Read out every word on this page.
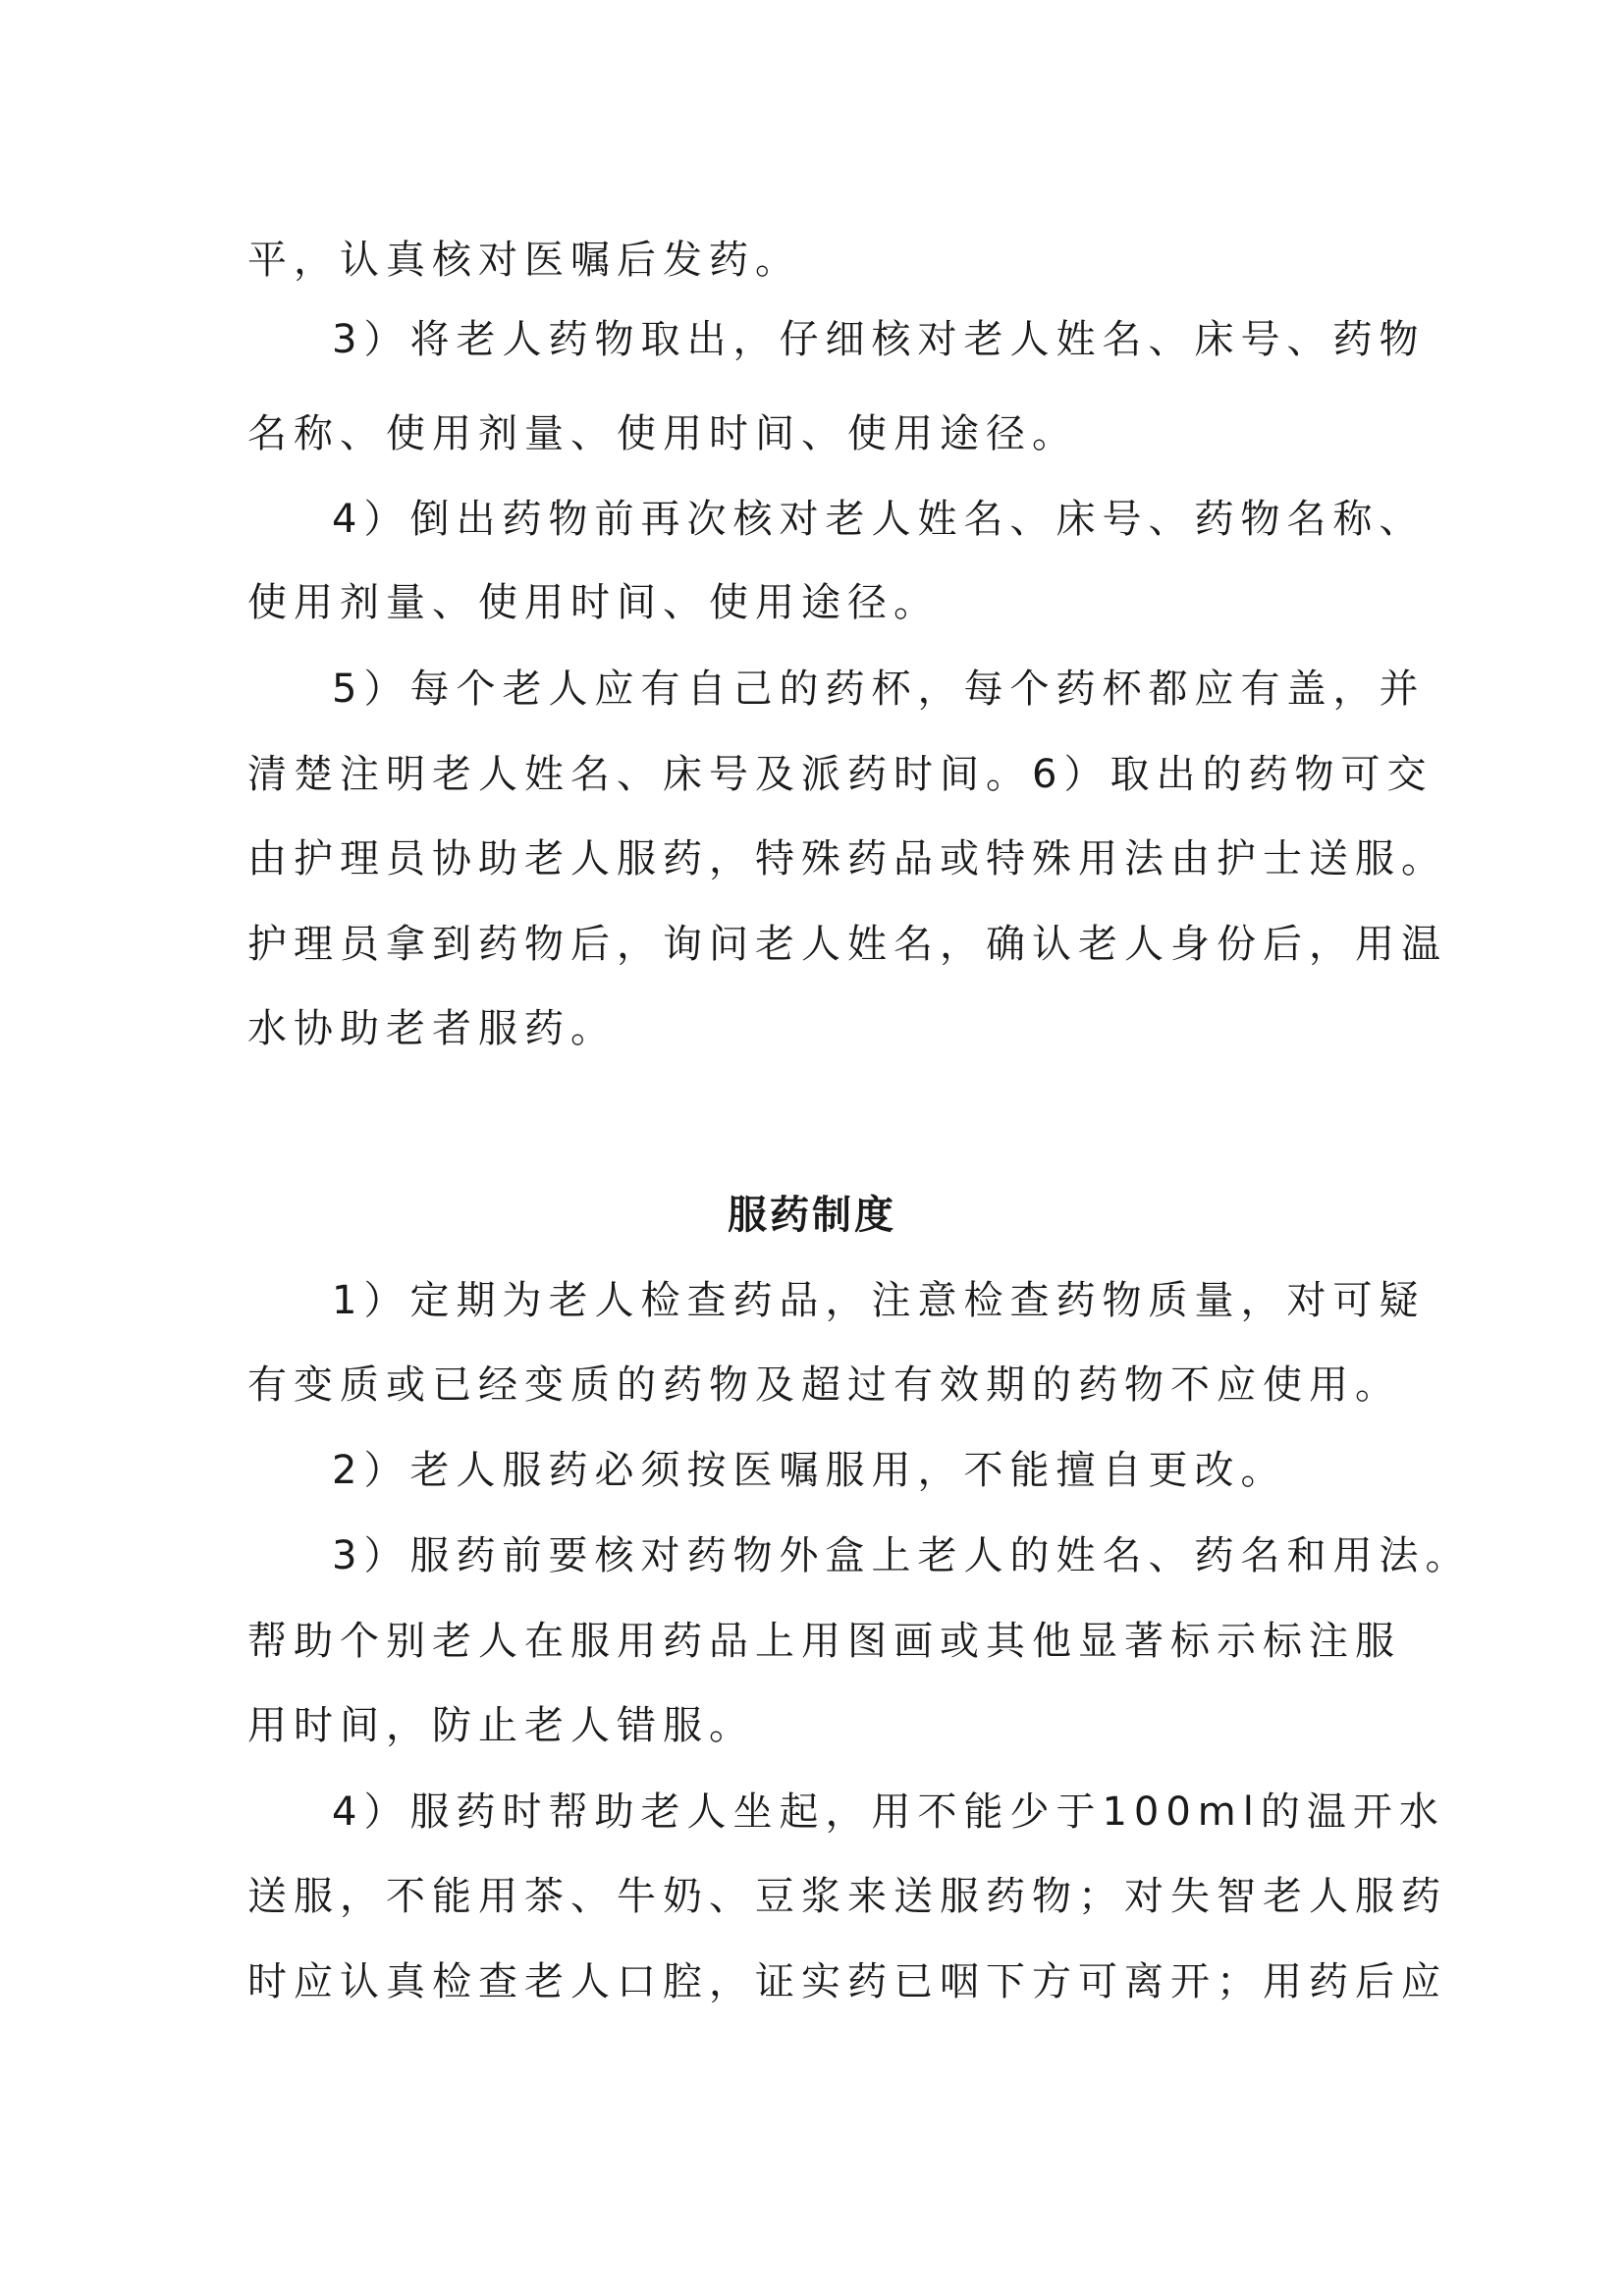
平，认真核对医嘱后发药。

3）将老人药物取出，仔细核对老人姓名、床号、药物

名称、使用剂量、使用时间、使用途径。

4）倒出药物前再次核对老人姓名、床号、药物名称、

使用剂量、使用时间、使用途径。

5）每个老人应有自己的药杯，每个药杯都应有盖，并

清楚注明老人姓名、床号及派药时间。6）取出的药物可交

由护理员协助老人服药，特殊药品或特殊用法由护士送服。

护理员拿到药物后，询问老人姓名，确认老人身份后，用温

水协助老者服药。

服药制度

1）定期为老人检查药品，注意检查药物质量，对可疑

有变质或已经变质的药物及超过有效期的药物不应使用。

2）老人服药必须按医嘱服用，不能擅自更改。

3）服药前要核对药物外盒上老人的姓名、药名和用法。

帮助个别老人在服用药品上用图画或其他显著标示标注服

用时间，防止老人错服。

4）服药时帮助老人坐起，用不能少于100ml的温开水

送服，不能用茶、牛奶、豆浆来送服药物；对失智老人服药

时应认真检查老人口腔，证实药已咽下方可离开；用药后应
